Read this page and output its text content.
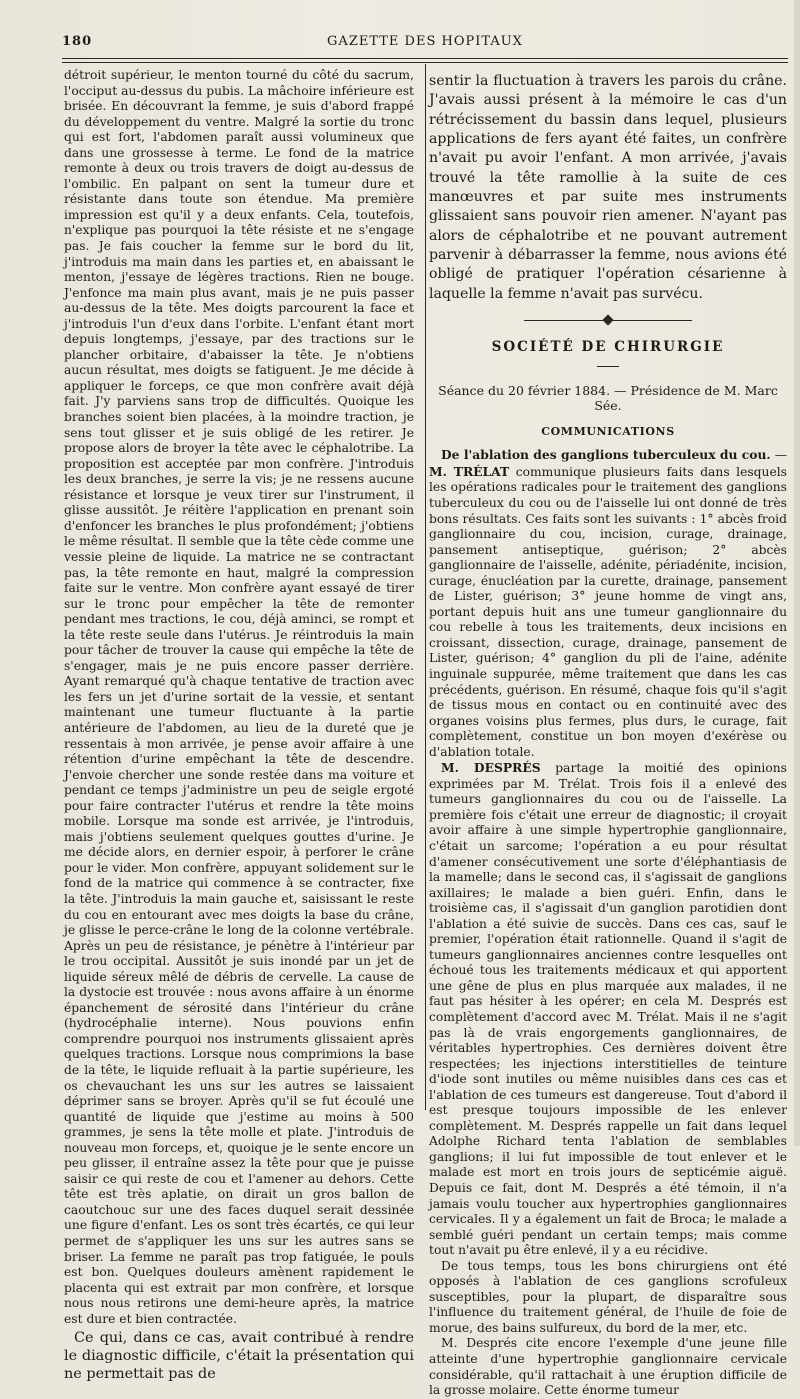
180	GAZETTE DES HOPITAUX

détroit supérieur, le menton tourné du côté du sacrum, l'occiput au-dessus du pubis. La mâchoire inférieure est brisée. En découvrant la femme, je suis d'abord frappé du développement du ventre. Malgré la sortie du tronc qui est fort, l'abdomen paraît aussi volumineux que dans une grossesse à terme. Le fond de la matrice remonte à deux ou trois travers de doigt au-dessus de l'ombilic. En palpant on sent la tumeur dure et résistante dans toute son étendue. Ma première impression est qu'il y a deux enfants. Cela, toutefois, n'explique pas pourquoi la tête résiste et ne s'engage pas. Je fais coucher la femme sur le bord du lit, j'introduis ma main dans les parties et, en abaissant le menton, j'essaye de légères tractions. Rien ne bouge. J'enfonce ma main plus avant, mais je ne puis passer au-dessus de la tête. Mes doigts parcourent la face et j'introduis l'un d'eux dans l'orbite. L'enfant étant mort depuis longtemps, j'essaye, par des tractions sur le plancher orbitaire, d'abaisser la tête. Je n'obtiens aucun résultat, mes doigts se fatiguent. Je me décide à appliquer le forceps, ce que mon confrère avait déjà fait. J'y parviens sans trop de difficultés. Quoique les branches soient bien placées, à la moindre traction, je sens tout glisser et je suis obligé de les retirer. Je propose alors de broyer la tête avec le céphalotribe. La proposition est acceptée par mon confrère. J'introduis les deux branches, je serre la vis; je ne ressens aucune résistance et lorsque je veux tirer sur l'instrument, il glisse aussitôt. Je réitère l'application en prenant soin d'enfoncer les branches le plus profondément; j'obtiens le même résultat. Il semble que la tête cède comme une vessie pleine de liquide. La matrice ne se contractant pas, la tête remonte en haut, malgré la compression faite sur le ventre. Mon confrère ayant essayé de tirer sur le tronc pour empêcher la tête de remonter pendant mes tractions, le cou, déjà aminci, se rompt et la tête reste seule dans l'utérus. Je réintroduis la main pour tâcher de trouver la cause qui empêche la tête de s'engager, mais je ne puis encore passer derrière. Ayant remarqué qu'à chaque tentative de traction avec les fers un jet d'urine sortait de la vessie, et sentant maintenant une tumeur fluctuante à la partie antérieure de l'abdomen, au lieu de la dureté que je ressentais à mon arrivée, je pense avoir affaire à une rétention d'urine empêchant la tête de descendre. J'envoie chercher une sonde restée dans ma voiture et pendant ce temps j'administre un peu de seigle ergoté pour faire contracter l'utérus et rendre la tête moins mobile. Lorsque ma sonde est arrivée, je l'introduis, mais j'obtiens seulement quelques gouttes d'urine. Je me décide alors, en dernier espoir, à perforer le crâne pour le vider. Mon confrère, appuyant solidement sur le fond de la matrice qui commence à se contracter, fixe la tête. J'introduis la main gauche et, saisissant le reste du cou en entourant avec mes doigts la base du crâne, je glisse le perce-crâne le long de la colonne vertébrale. Après un peu de résistance, je pénètre à l'intérieur par le trou occipital. Aussitôt je suis inondé par un jet de liquide séreux mêlé de débris de cervelle. La cause de la dystocie est trouvée : nous avons affaire à un énorme épanchement de sérosité dans l'intérieur du crâne (hydrocéphalie interne). Nous pouvions enfin comprendre pourquoi nos instruments glissaient après quelques tractions. Lorsque nous comprimions la base de la tête, le liquide refluait à la partie supérieure, les os chevauchant les uns sur les autres se laissaient déprimer sans se broyer. Après qu'il se fut écoulé une quantité de liquide que j'estime au moins à 500 grammes, je sens la tête molle et plate. J'introduis de nouveau mon forceps, et, quoique je le sente encore un peu glisser, il entraîne assez la tête pour que je puisse saisir ce qui reste de cou et l'amener au dehors. Cette tête est très aplatie, on dirait un gros ballon de caoutchouc sur une des faces duquel serait dessinée une figure d'enfant. Les os sont très écartés, ce qui leur permet de s'appliquer les uns sur les autres sans se briser. La femme ne paraît pas trop fatiguée, le pouls est bon. Quelques douleurs amènent rapidement le placenta qui est extrait par mon confrère, et lorsque nous nous retirons une demi-heure après, la matrice est dure et bien contractée.

Ce qui, dans ce cas, avait contribué à rendre le diagnostic difficile, c'était la présentation qui ne permettait pas de

sentir la fluctuation à travers les parois du crâne. J'avais aussi présent à la mémoire le cas d'un rétrécissement du bassin dans lequel, plusieurs applications de fers ayant été faites, un confrère n'avait pu avoir l'enfant. A mon arrivée, j'avais trouvé la tête ramollie à la suite de ces manœuvres et par suite mes instruments glissaient sans pouvoir rien amener. N'ayant pas alors de céphalotribe et ne pouvant autrement parvenir à débarrasser la femme, nous avions été obligé de pratiquer l'opération césarienne à laquelle la femme n'avait pas survécu.

SOCIÉTÉ DE CHIRURGIE
Séance du 20 février 1884. — Présidence de M. Marc Sée.
COMMUNICATIONS

De l'ablation des ganglions tuberculeux du cou. — M. TRÉLAT communique plusieurs faits dans lesquels les opérations radicales pour le traitement des ganglions tuberculeux du cou ou de l'aisselle lui ont donné de très bons résultats. Ces faits sont les suivants : 1° abcès froid ganglionnaire du cou, incision, curage, drainage, pansement antiseptique, guérison; 2° abcès ganglionnaire de l'aisselle, adénite, périadénite, incision, curage, énucléation par la curette, drainage, pansement de Lister, guérison; 3° jeune homme de vingt ans, portant depuis huit ans une tumeur ganglionnaire du cou rebelle à tous les traitements, deux incisions en croissant, dissection, curage, drainage, pansement de Lister, guérison; 4° ganglion du pli de l'aine, adénite inguinale suppurée, même traitement que dans les cas précédents, guérison. En résumé, chaque fois qu'il s'agit de tissus mous en contact ou en continuité avec des organes voisins plus fermes, plus durs, le curage, fait complètement, constitue un bon moyen d'exérèse ou d'ablation totale.

M. DESPRÉS partage la moitié des opinions exprimées par M. Trélat. Trois fois il a enlevé des tumeurs ganglionnaires du cou ou de l'aisselle. La première fois c'était une erreur de diagnostic; il croyait avoir affaire à une simple hypertrophie ganglionnaire, c'était un sarcome; l'opération a eu pour résultat d'amener consécutivement une sorte d'éléphantiasis de la mamelle; dans le second cas, il s'agissait de ganglions axillaires; le malade a bien guéri. Enfin, dans le troisième cas, il s'agissait d'un ganglion parotidien dont l'ablation a été suivie de succès. Dans ces cas, sauf le premier, l'opération était rationnelle. Quand il s'agit de tumeurs ganglionnaires anciennes contre lesquelles ont échoué tous les traitements médicaux et qui apportent une gêne de plus en plus marquée aux malades, il ne faut pas hésiter à les opérer; en cela M. Després est complètement d'accord avec M. Trélat. Mais il ne s'agit pas là de vrais engorgements ganglionnaires, de véritables hypertrophies. Ces dernières doivent être respectées; les injections interstitielles de teinture d'iode sont inutiles ou même nuisibles dans ces cas et l'ablation de ces tumeurs est dangereuse. Tout d'abord il est presque toujours impossible de les enlever complètement. M. Després rappelle un fait dans lequel Adolphe Richard tenta l'ablation de semblables ganglions; il lui fut impossible de tout enlever et le malade est mort en trois jours de septicémie aiguë. Depuis ce fait, dont M. Després a été témoin, il n'a jamais voulu toucher aux hypertrophies ganglionnaires cervicales. Il y a également un fait de Broca; le malade a semblé guéri pendant un certain temps; mais comme tout n'avait pu être enlevé, il y a eu récidive.

De tous temps, tous les bons chirurgiens ont été opposés à l'ablation de ces ganglions scrofuleux susceptibles, pour la plupart, de disparaître sous l'influence du traitement général, de l'huile de foie de morue, des bains sulfureux, du bord de la mer, etc.

M. Després cite encore l'exemple d'une jeune fille atteinte d'une hypertrophie ganglionnaire cervicale considérable, qu'il rattachait à une éruption difficile de la grosse molaire. Cette énorme tumeur
